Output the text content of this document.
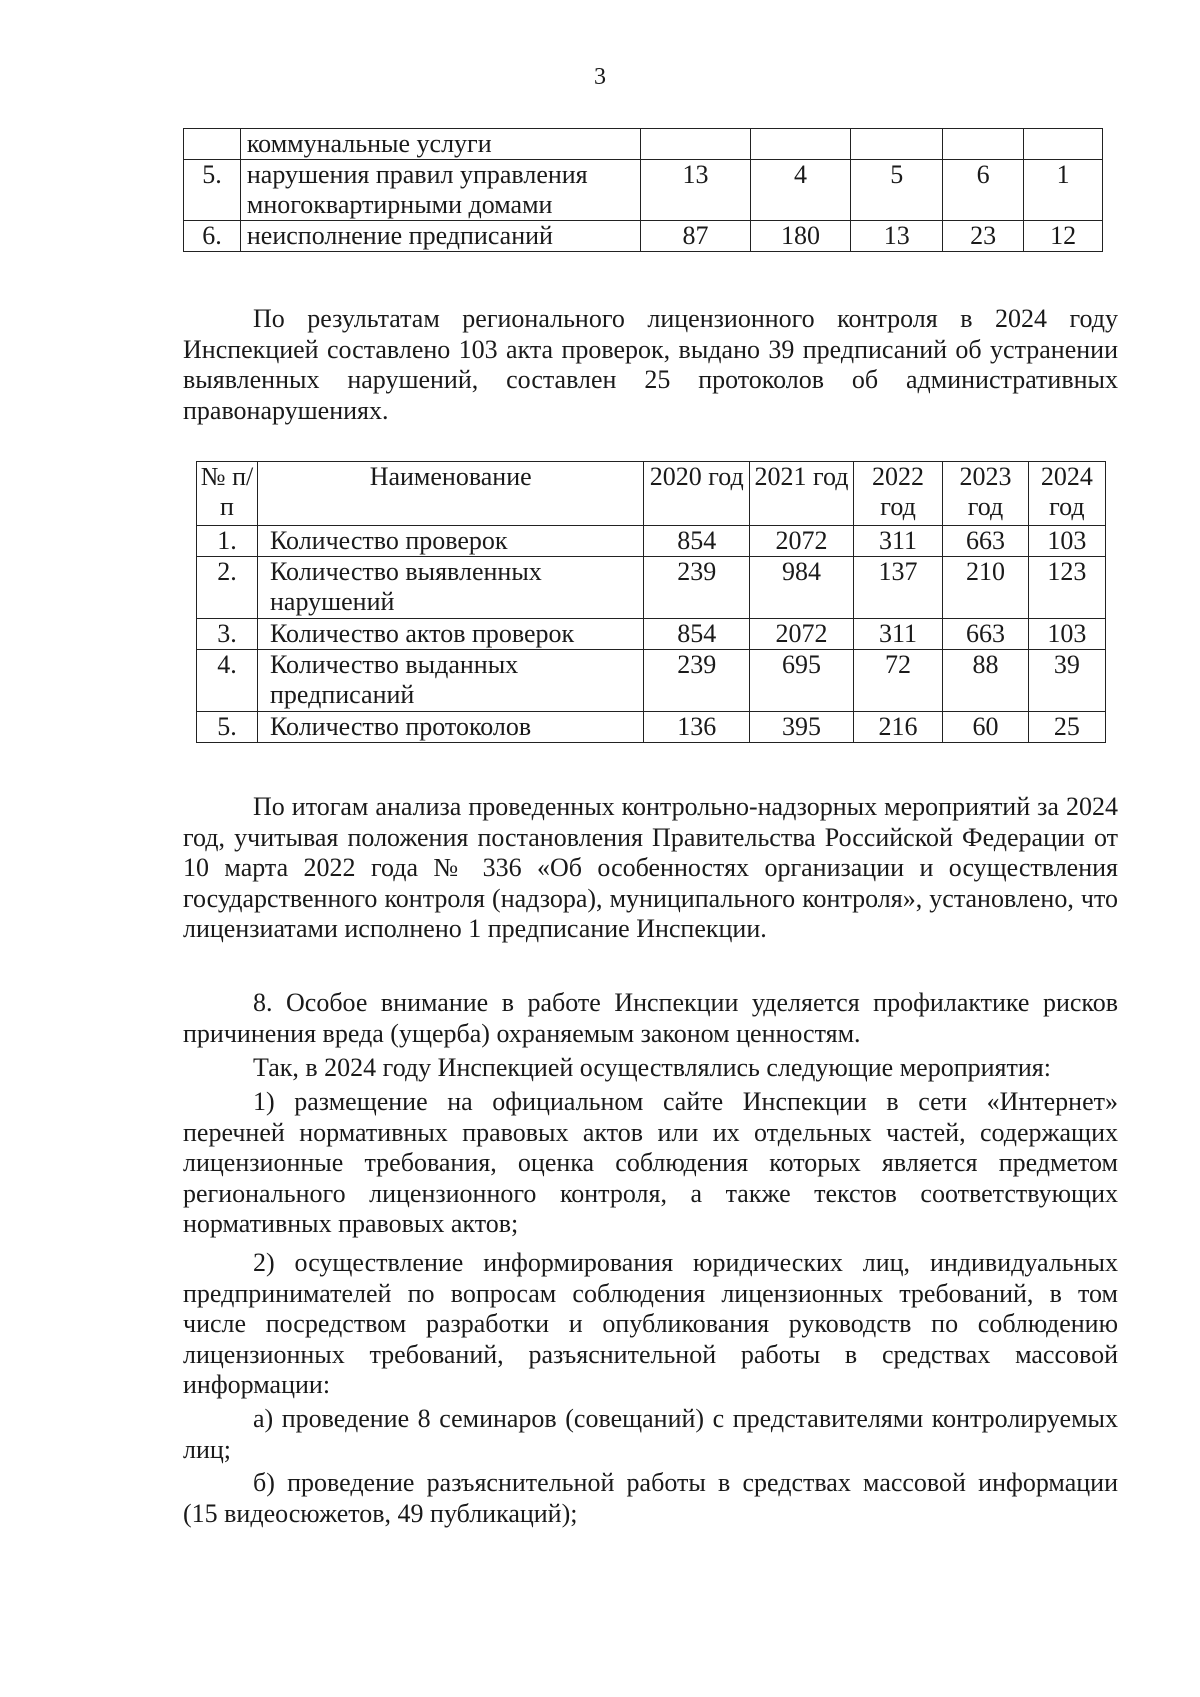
3
	коммунальные услуги					
5.	нарушения правил управления многоквартирными домами	13	4	5	6	1
6.	неисполнение предписаний	87	180	13	23	12

По результатам регионального лицензионного контроля в 2024 году Инспекцией составлено 103 акта проверок, выдано 39 предписаний об устранении выявленных нарушений, составлен 25 протоколов об административных правонарушениях.

№ п/п	Наименование	2020 год	2021 год	2022 год	2023 год	2024 год
1.	Количество проверок	854	2072	311	663	103
2.	Количество выявленных нарушений	239	984	137	210	123
3.	Количество актов проверок	854	2072	311	663	103
4.	Количество выданных предписаний	239	695	72	88	39
5.	Количество протоколов	136	395	216	60	25

По итогам анализа проведенных контрольно-надзорных мероприятий за 2024 год, учитывая положения постановления Правительства Российской Федерации от 10 марта 2022 года № 336 «Об особенностях организации и осуществления государственного контроля (надзора), муниципального контроля», установлено, что лицензиатами исполнено 1 предписание Инспекции.

8. Особое внимание в работе Инспекции уделяется профилактике рисков причинения вреда (ущерба) охраняемым законом ценностям.

Так, в 2024 году Инспекцией осуществлялись следующие мероприятия:

1) размещение на официальном сайте Инспекции в сети «Интернет» перечней нормативных правовых актов или их отдельных частей, содержащих лицензионные требования, оценка соблюдения которых является предметом регионального лицензионного контроля, а также текстов соответствующих нормативных правовых актов;

2) осуществление информирования юридических лиц, индивидуальных предпринимателей по вопросам соблюдения лицензионных требований, в том числе посредством разработки и опубликования руководств по соблюдению лицензионных требований, разъяснительной работы в средствах массовой информации:

а) проведение 8 семинаров (совещаний) с представителями контролируемых лиц;

б) проведение разъяснительной работы в средствах массовой информации (15 видеосюжетов, 49 публикаций);
